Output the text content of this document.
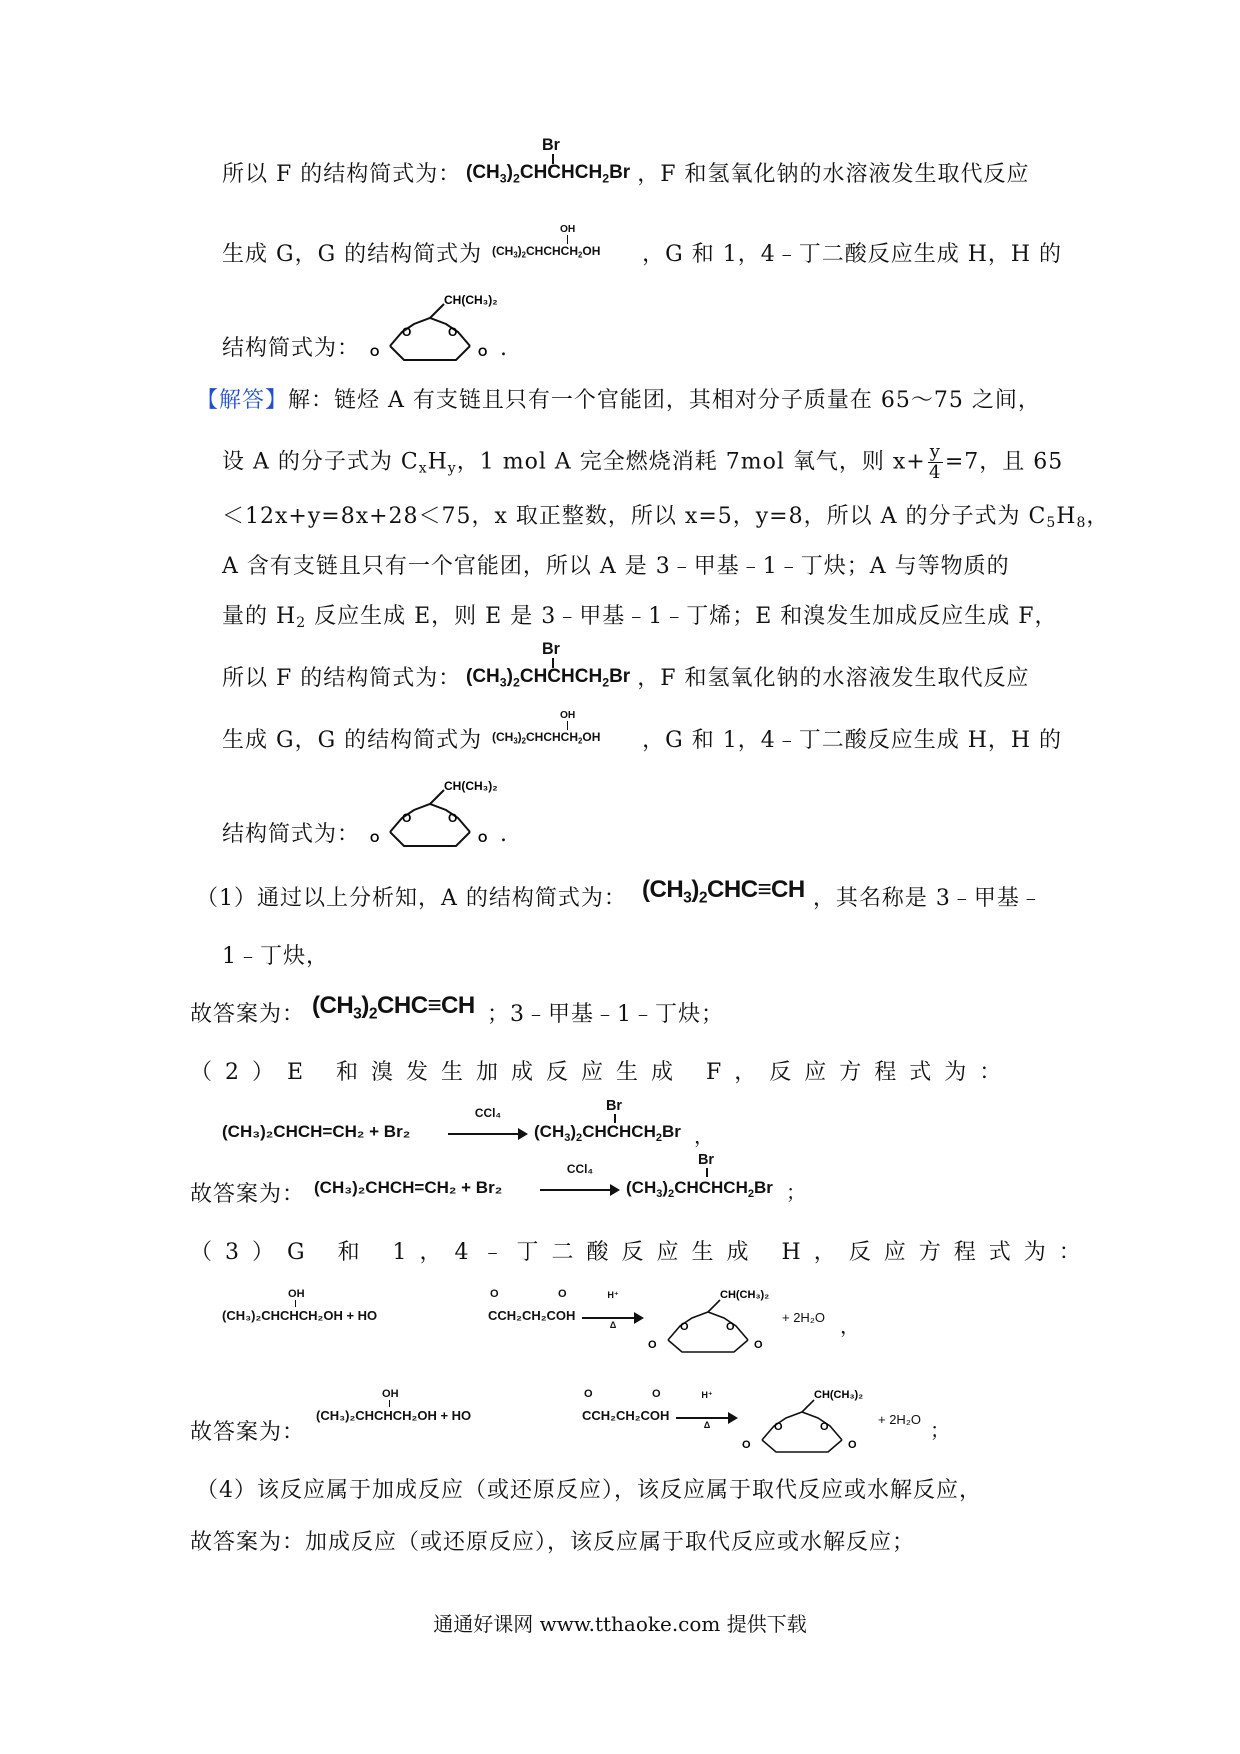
所以 F 的结构简式为：	，F 和氢氧化钠的水溶液发生取代反应
Br
$(CH_3)_2CHCHCH_2Br$
生成 G，G 的结构简式为	，G 和 1，4﹣丁二酸反应生成 H，H 的
OH
$(CH_3)_2CHCHCH_2OH$
结构简式为：	.
O	O
O	O
CH(CH₃)₂
【解答】解：链烃 A 有支链且只有一个官能团，其相对分子质量在 65～75 之间，
设 A 的分子式为 $C_xH_y$，1 mol A 完全燃烧消耗 7mol 氧气，则 $x+ \frac{y}{4} =7$，且 65
＜12x+y=8x+28＜75，x 取正整数，所以 x=5，y=8，所以 A 的分子式为 $C_5H_8$，
A 含有支链且只有一个官能团，所以 A 是 3﹣甲基﹣1﹣丁炔；A 与等物质的
量的 $H_2$ 反应生成 E，则 E 是 3﹣甲基﹣1﹣丁烯；E 和溴发生加成反应生成 F，
所以 F 的结构简式为：	，F 和氢氧化钠的水溶液发生取代反应
Br
$(CH_3)_2CHCHCH_2Br$
生成 G，G 的结构简式为	，G 和 1，4﹣丁二酸反应生成 H，H 的
OH
$(CH_3)_2CHCHCH_2OH$
结构简式为：	.
O	O
O	O
CH(CH₃)₂
（1）通过以上分析知，A 的结构简式为：	，其名称是 3﹣甲基﹣
$(CH_3)_2CHC\equiv CH$
1﹣丁炔，
故答案为：	；3﹣甲基﹣1﹣丁炔；
$(CH_3)_2CHC\equiv CH$
（2）E 和溴发生加成反应生成 F，反应方程式为：
(CH₃)₂CHCH=CH₂ + Br₂
CCl₄
$(CH_3)_2CHCHCH_2Br$
Br
，
故答案为： (CH₃)₂CHCH=CH₂ + Br₂
CCl₄
$(CH_3)_2CHCHCH_2Br$
Br
；
（3）G 和 1，4﹣丁二酸反应生成 H，反应方程式为：
OH
(CH₃)₂CHCHCH₂OH + HO
O	O
CCH₂CH₂COH
H⁺
Δ	+ 2H₂O ，
O	O
O	O
CH(CH₃)₂
故答案为：
OH
(CH₃)₂CHCHCH₂OH + HO
O	O
CCH₂CH₂COH
H⁺
Δ	+ 2H₂O ；
O	O
O	O
CH(CH₃)₂
（4）该反应属于加成反应（或还原反应），该反应属于取代反应或水解反应，
故答案为：加成反应（或还原反应），该反应属于取代反应或水解反应；
通通好课网 www.tthaoke.com 提供下载
